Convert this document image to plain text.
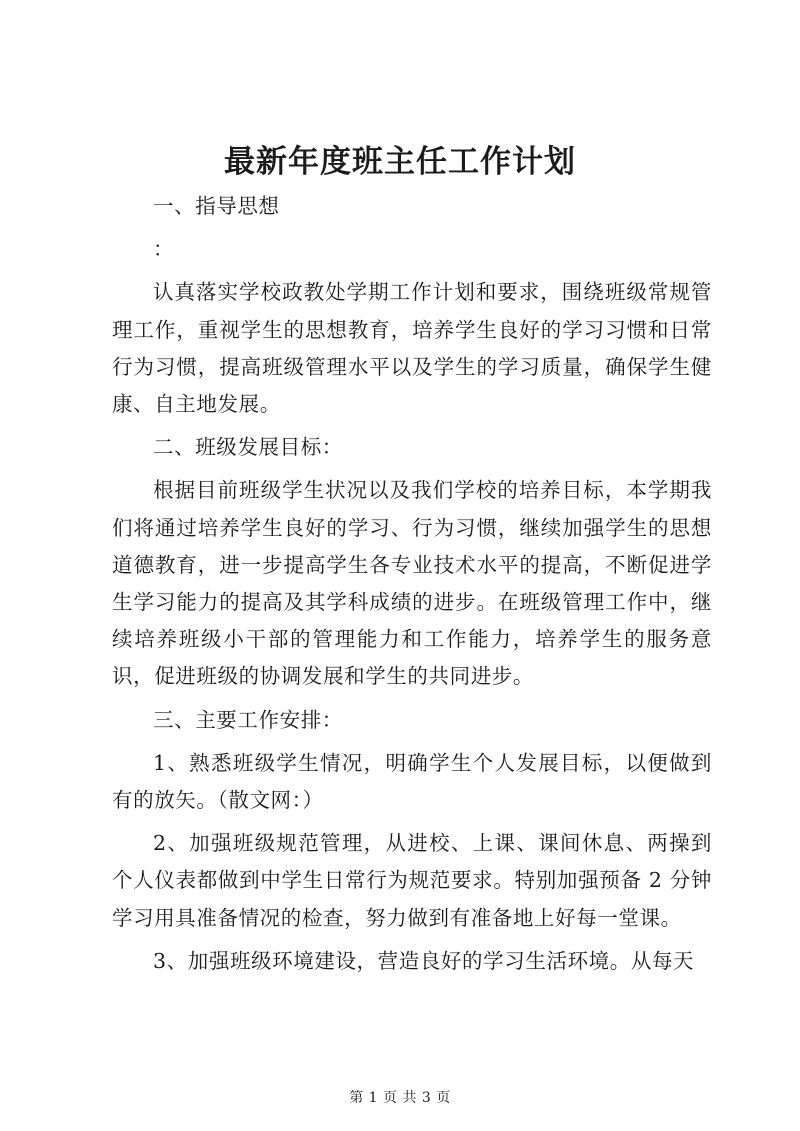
最新年度班主任工作计划

一、指导思想

：

认真落实学校政教处学期工作计划和要求，围绕班级常规管理工作，重视学生的思想教育，培养学生良好的学习习惯和日常行为习惯，提高班级管理水平以及学生的学习质量，确保学生健康、自主地发展。

二、班级发展目标：

根据目前班级学生状况以及我们学校的培养目标，本学期我们将通过培养学生良好的学习、行为习惯，继续加强学生的思想道德教育，进一步提高学生各专业技术水平的提高，不断促进学生学习能力的提高及其学科成绩的进步。在班级管理工作中，继续培养班级小干部的管理能力和工作能力，培养学生的服务意识，促进班级的协调发展和学生的共同进步。

三、主要工作安排：

1、熟悉班级学生情况，明确学生个人发展目标，以便做到有的放矢。（散文网：）

2、加强班级规范管理，从进校、上课、课间休息、两操到个人仪表都做到中学生日常行为规范要求。特别加强预备 2 分钟学习用具准备情况的检查，努力做到有准备地上好每一堂课。

3、加强班级环境建设，营造良好的学习生活环境。从每天

第 1 页 共 3 页
